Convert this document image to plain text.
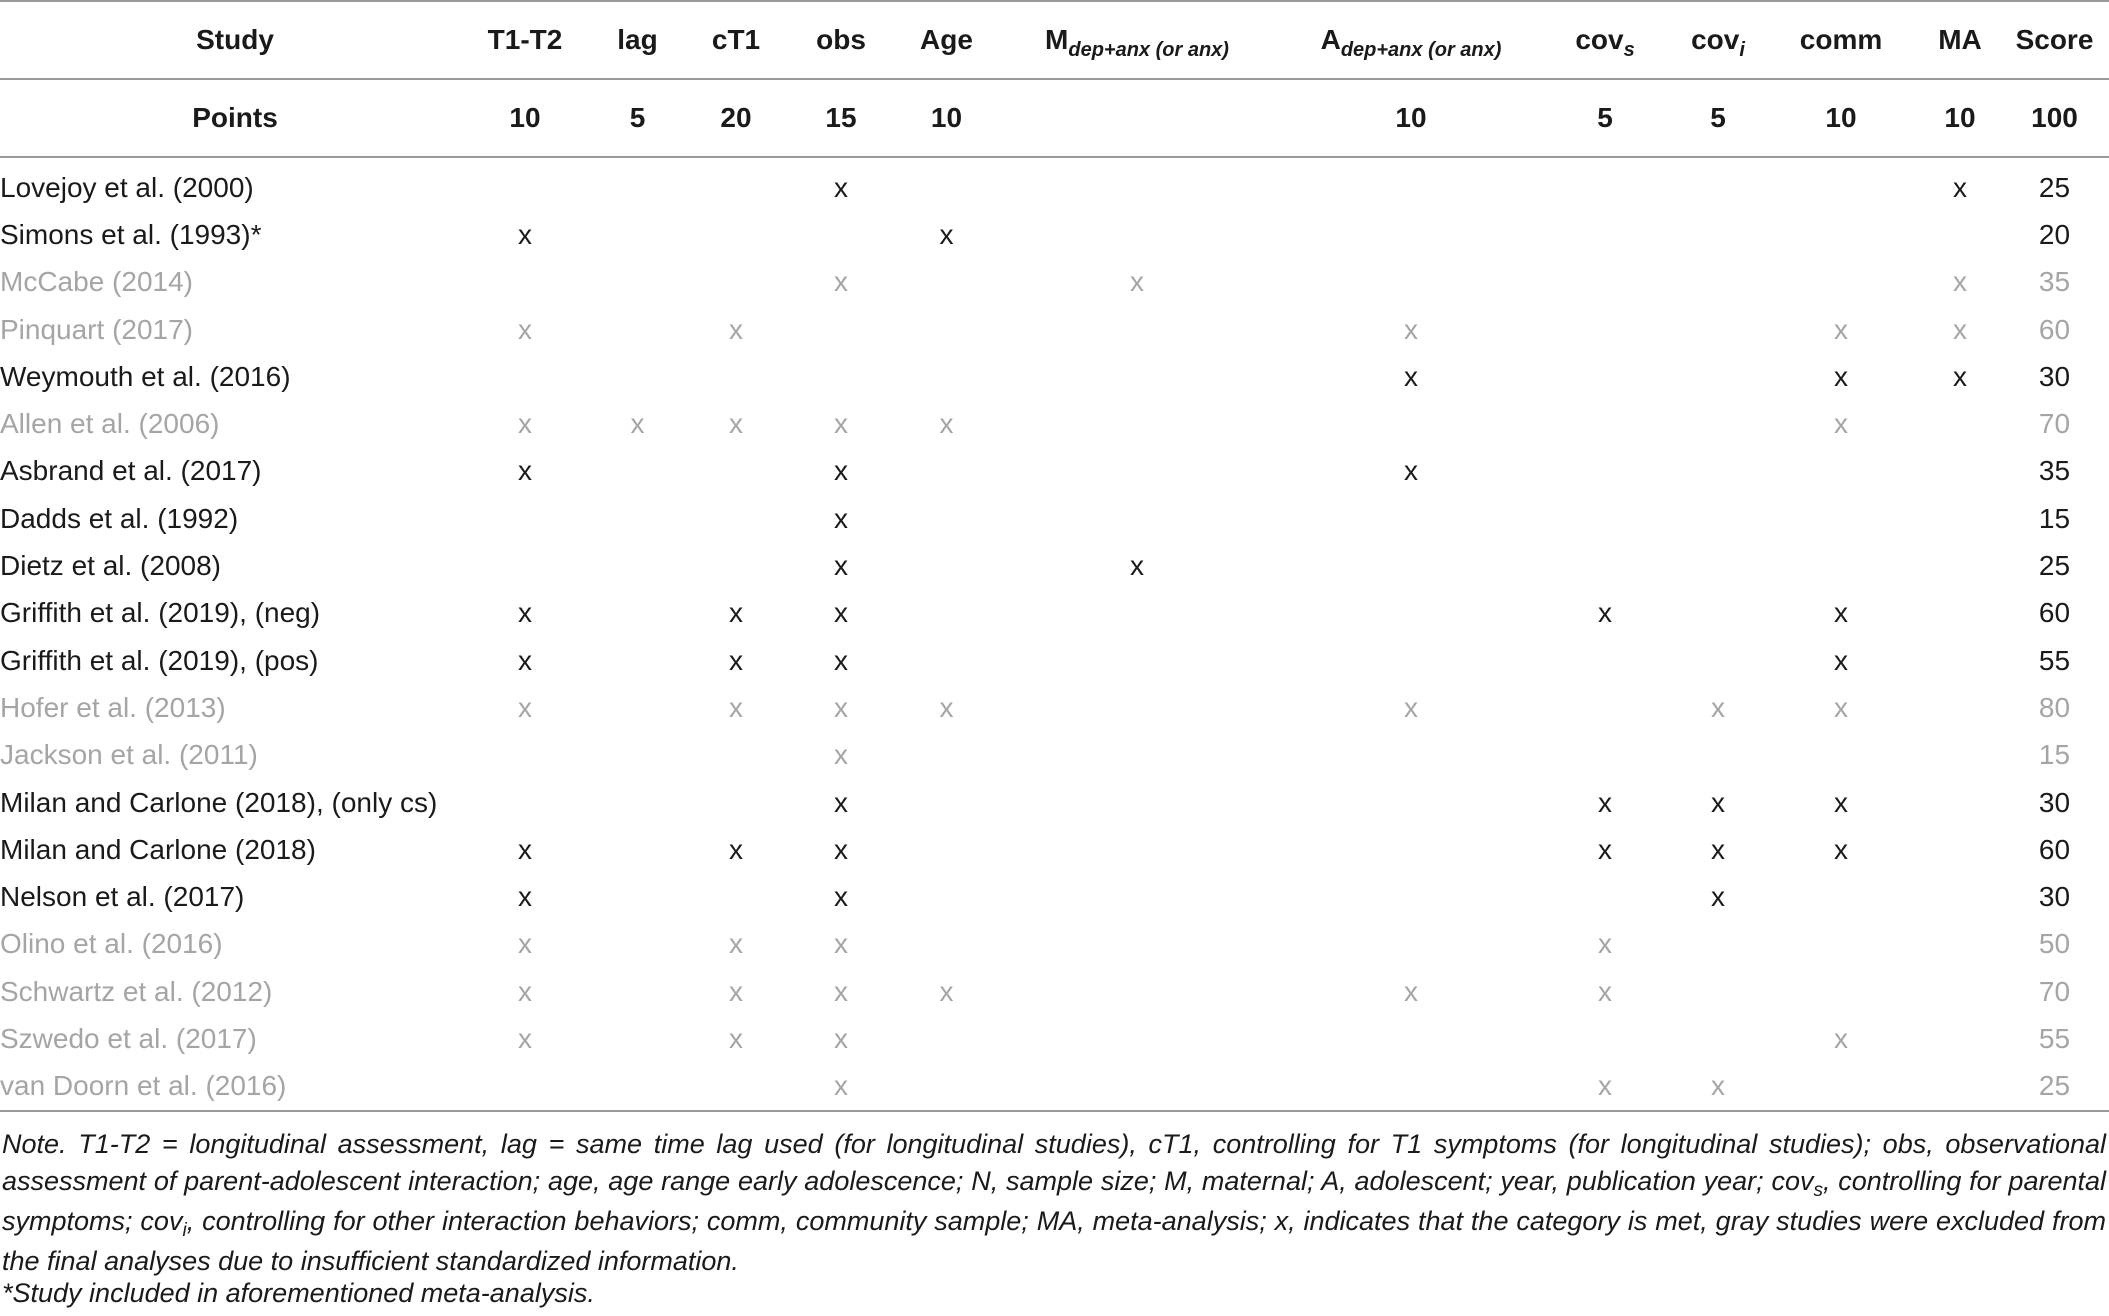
Study	T1-T2	lag	cT1	obs	Age	$M_{dep+anx (or anx)}$	$A_{dep+anx (or anx)}$	cov$_s$	cov$_i$	comm	MA	Score
Points	10	5	20	15	10		10	5	5	10	10	100
Lovejoy et al. (2000)				x							x	25
Simons et al. (1993)*	x				x							20
McCabe (2014)				x		x					x	35
Pinquart (2017)	x		x				x			x	x	60
Weymouth et al. (2016)							x			x	x	30
Allen et al. (2006)	x	x	x	x	x					x		70
Asbrand et al. (2017)	x			x			x					35
Dadds et al. (1992)				x								15
Dietz et al. (2008)				x		x						25
Griffith et al. (2019), (neg)	x		x	x				x		x		60
Griffith et al. (2019), (pos)	x		x	x						x		55
Hofer et al. (2013)	x		x	x	x		x		x	x		80
Jackson et al. (2011)				x								15
Milan and Carlone (2018), (only cs)				x				x	x	x		30
Milan and Carlone (2018)	x		x	x				x	x	x		60
Nelson et al. (2017)	x			x					x			30
Olino et al. (2016)	x		x	x				x				50
Schwartz et al. (2012)	x		x	x	x		x	x				70
Szwedo et al. (2017)	x		x	x						x		55
van Doorn et al. (2016)				x				x	x			25

Note. T1-T2 = longitudinal assessment, lag = same time lag used (for longitudinal studies), cT1, controlling for T1 symptoms (for longitudinal studies); obs, observational assessment of parent-adolescent interaction; age, age range early adolescence; N, sample size; M, maternal; A, adolescent; year, publication year; cov$_s$, controlling for parental symptoms; cov$_i$, controlling for other interaction behaviors; comm, community sample; MA, meta-analysis; x, indicates that the category is met, gray studies were excluded from the final analyses due to insufficient standardized information.

*Study included in aforementioned meta-analysis.
